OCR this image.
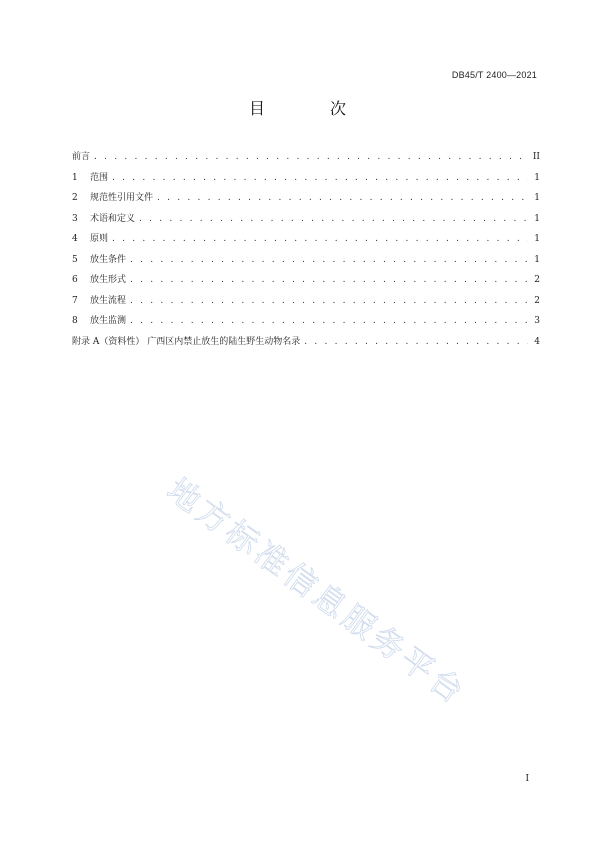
DB45/T 2400—2021
目 次
前言 . . .	II
1	范围 . . .	1
2	规范性引用文件 . . .	1
3	术语和定义 . . .	1
4	原则 . . .	1
5	放生条件 . . .	1
6	放生形式 . . .	2
7	放生流程 . . .	2
8	放生监测 . . .	3
附录 A（资料性） 广西区内禁止放生的陆生野生动物名录 . . .	4
地方标准信息服务平台
I
